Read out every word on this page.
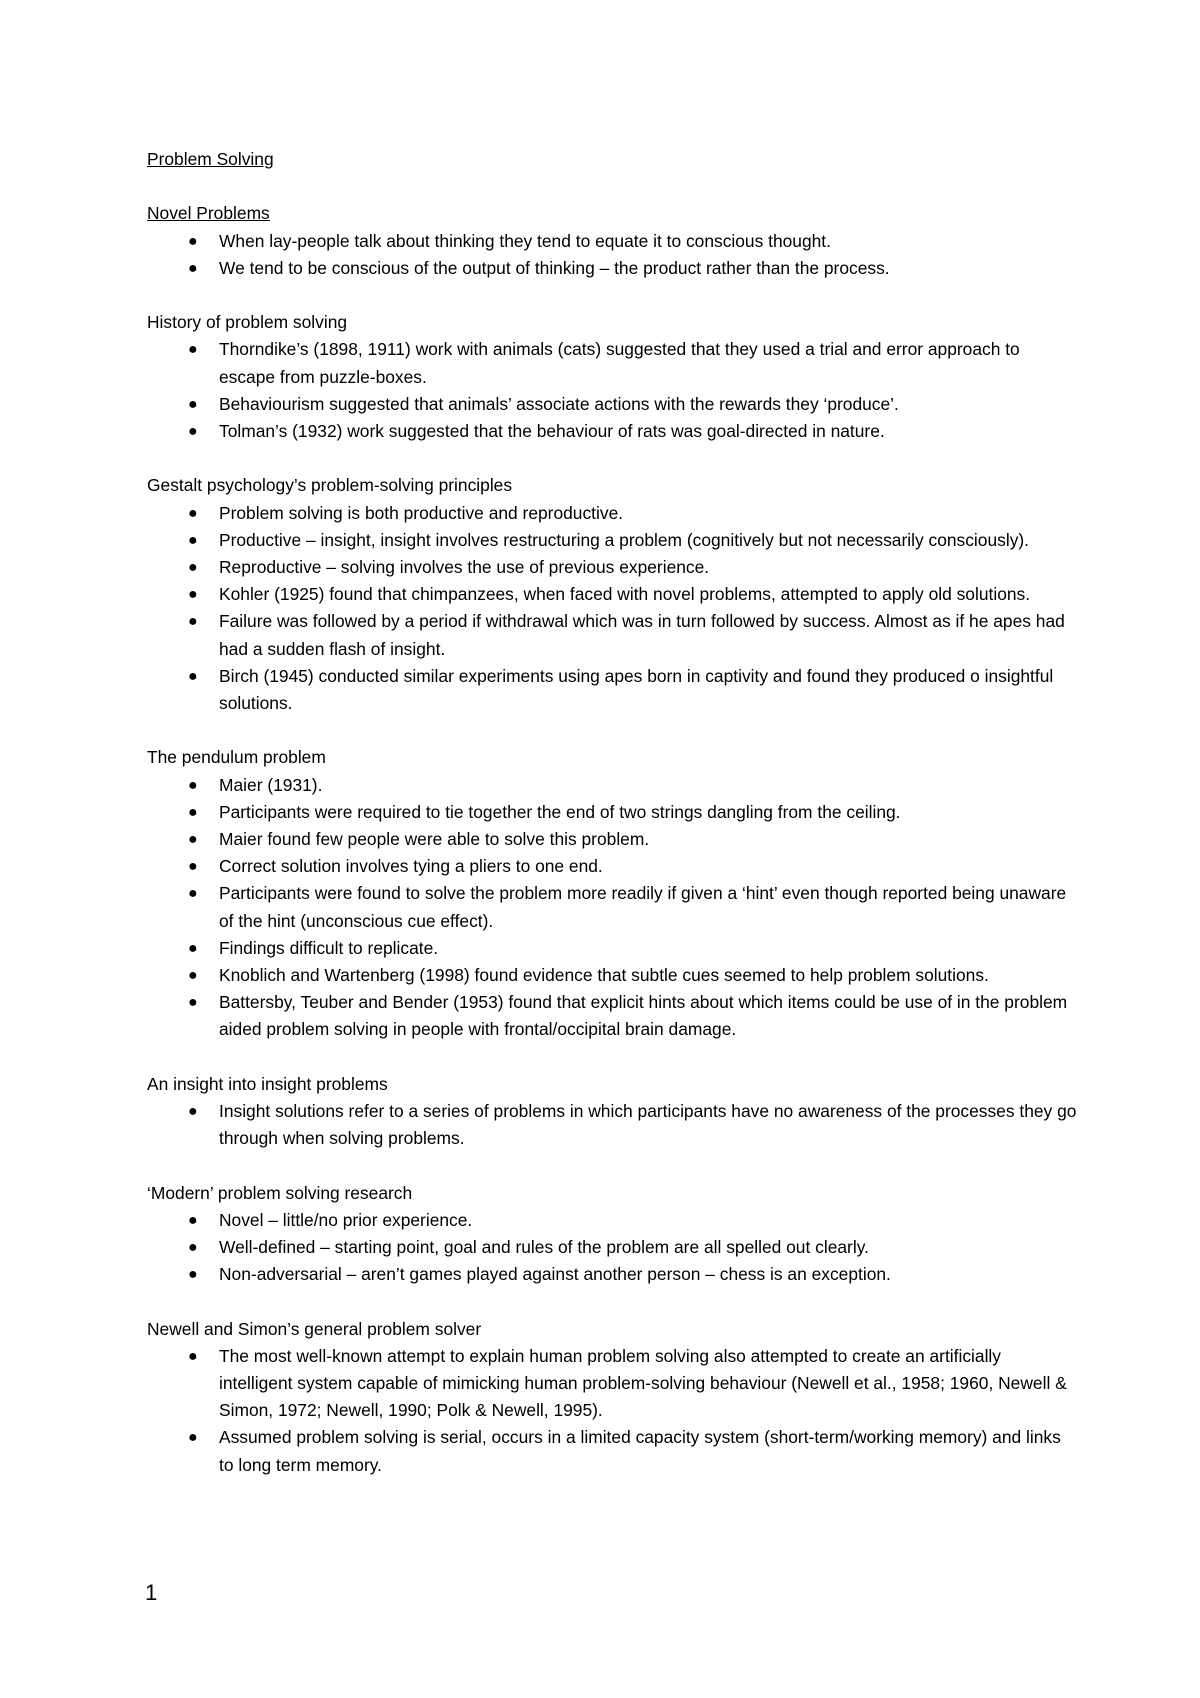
Problem Solving

Novel Problems

● When lay-people talk about thinking they tend to equate it to conscious thought.
● We tend to be conscious of the output of thinking – the product rather than the process.

History of problem solving

● Thorndike’s (1898, 1911) work with animals (cats) suggested that they used a trial and error approach to escape from puzzle-boxes.
● Behaviourism suggested that animals’ associate actions with the rewards they ‘produce’.
● Tolman’s (1932) work suggested that the behaviour of rats was goal-directed in nature.

Gestalt psychology’s problem-solving principles

● Problem solving is both productive and reproductive.
● Productive – insight, insight involves restructuring a problem (cognitively but not necessarily consciously).
● Reproductive – solving involves the use of previous experience.
● Kohler (1925) found that chimpanzees, when faced with novel problems, attempted to apply old solutions.
● Failure was followed by a period if withdrawal which was in turn followed by success. Almost as if he apes had had a sudden flash of insight.
● Birch (1945) conducted similar experiments using apes born in captivity and found they produced o insightful solutions.

The pendulum problem

● Maier (1931).
● Participants were required to tie together the end of two strings dangling from the ceiling.
● Maier found few people were able to solve this problem.
● Correct solution involves tying a pliers to one end.
● Participants were found to solve the problem more readily if given a ‘hint’ even though reported being unaware of the hint (unconscious cue effect).
● Findings difficult to replicate.
● Knoblich and Wartenberg (1998) found evidence that subtle cues seemed to help problem solutions.
● Battersby, Teuber and Bender (1953) found that explicit hints about which items could be use of in the problem aided problem solving in people with frontal/occipital brain damage.

An insight into insight problems

● Insight solutions refer to a series of problems in which participants have no awareness of the processes they go through when solving problems.

‘Modern’ problem solving research

● Novel – little/no prior experience.
● Well-defined – starting point, goal and rules of the problem are all spelled out clearly.
● Non-adversarial – aren’t games played against another person – chess is an exception.

Newell and Simon’s general problem solver

● The most well-known attempt to explain human problem solving also attempted to create an artificially intelligent system capable of mimicking human problem-solving behaviour (Newell et al., 1958; 1960, Newell & Simon, 1972; Newell, 1990; Polk & Newell, 1995).
● Assumed problem solving is serial, occurs in a limited capacity system (short-term/working memory) and links to long term memory.
1
